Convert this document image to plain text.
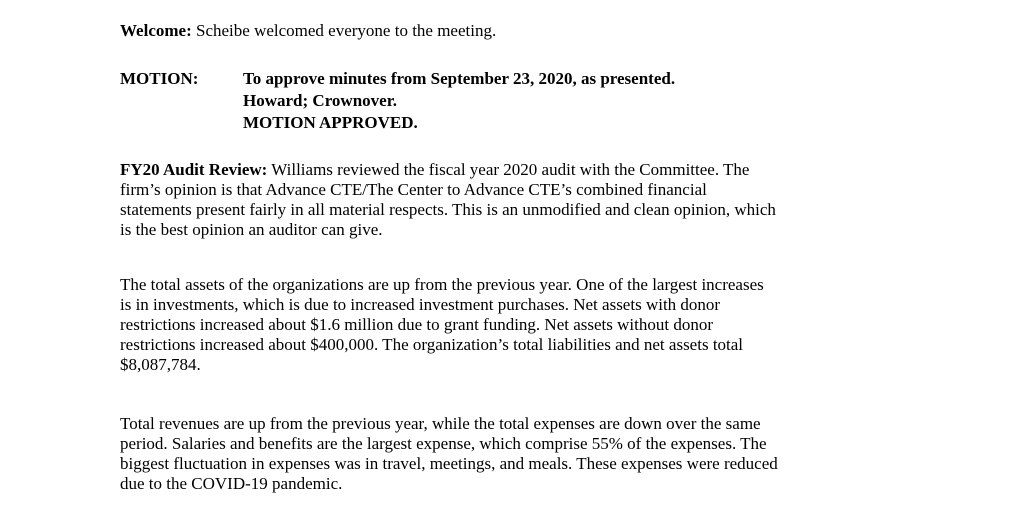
Welcome: Scheibe welcomed everyone to the meeting.

MOTION:	To approve minutes from September 23, 2020, as presented.
Howard; Crownover.
MOTION APPROVED.

FY20 Audit Review: Williams reviewed the fiscal year 2020 audit with the Committee. The
firm’s opinion is that Advance CTE/The Center to Advance CTE’s combined financial
statements present fairly in all material respects. This is an unmodified and clean opinion, which
is the best opinion an auditor can give.

The total assets of the organizations are up from the previous year. One of the largest increases
is in investments, which is due to increased investment purchases. Net assets with donor
restrictions increased about $1.6 million due to grant funding. Net assets without donor
restrictions increased about $400,000. The organization’s total liabilities and net assets total
$8,087,784.

Total revenues are up from the previous year, while the total expenses are down over the same
period. Salaries and benefits are the largest expense, which comprise 55% of the expenses. The
biggest fluctuation in expenses was in travel, meetings, and meals. These expenses were reduced
due to the COVID-19 pandemic.
